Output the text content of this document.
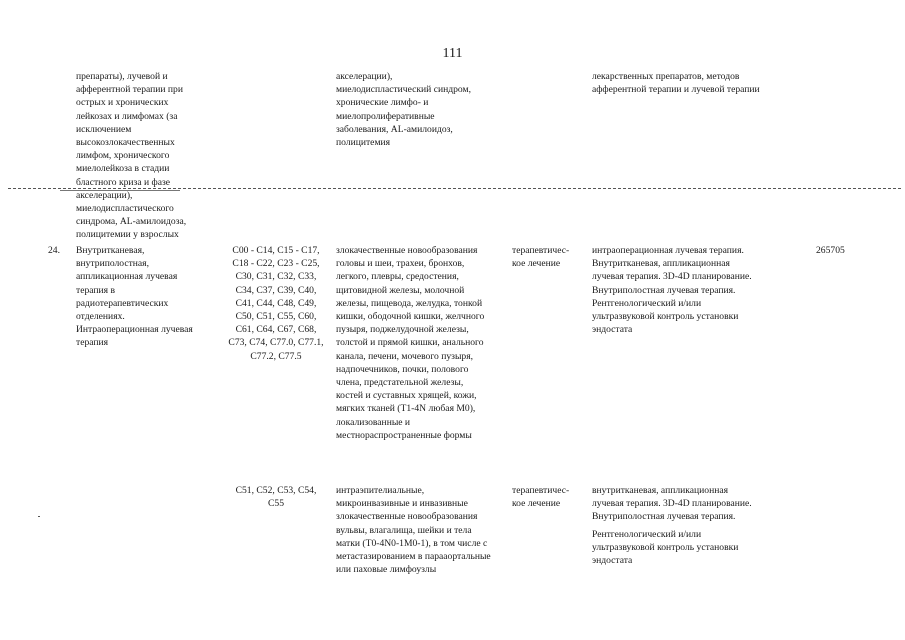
111
препараты), лучевой и
афферентной терапии при
острых и хронических
лейкозах и лимфомах (за
исключением
высокозлокачественных
лимфом, хронического
миелолейкоза в стадии
бластного криза и фазе
акселерации),
миелодиспластического
синдрома, AL-амилоидоза,
полицитемии у взрослых
акселерации),
миелодиспластический синдром,
хронические лимфо- и
миелопролиферативные
заболевания, AL-амилоидоз,
полицитемия
лекарственных препаратов, методов
афферентной терапии и лучевой терапии
24.	Внутритканевая,
внутриполостная,
аппликационная лучевая
терапия в
радиотерапевтических
отделениях.
Интраоперационная лучевая
терапия
C00 - C14, C15 - C17,
C18 - C22, C23 - C25,
C30, C31, C32, C33,
C34, C37, C39, C40,
C41, C44, C48, C49,
C50, C51, C55, C60,
C61, C64, C67, C68,
C73, C74, C77.0, C77.1,
C77.2, C77.5
злокачественные новообразования
головы и шеи, трахеи, бронхов,
легкого, плевры, средостения,
щитовидной железы, молочной
железы, пищевода, желудка, тонкой
кишки, ободочной кишки, желчного
пузыря, поджелудочной железы,
толстой и прямой кишки, анального
канала, печени, мочевого пузыря,
надпочечников, почки, полового
члена, предстательной железы,
костей и суставных хрящей, кожи,
мягких тканей (T1-4N любая M0),
локализованные и
местнораспространенные формы
терапевтичес-
кое лечение
интраоперационная лучевая терапия.
Внутритканевая, аппликационная
лучевая терапия. 3D-4D планирование.
Внутриполостная лучевая терапия.
Рентгенологический и/или
ультразвуковой контроль установки
эндостата
265705
C51, C52, C53, C54,
C55
интраэпителиальные,
микроинвазивные и инвазивные
злокачественные новообразования
вульвы, влагалища, шейки и тела
матки (T0-4N0-1M0-1), в том числе с
метастазированием в парааортальные
или паховые лимфоузлы
терапевтичес-
кое лечение
внутритканевая, аппликационная
лучевая терапия. 3D-4D планирование.
Внутриполостная лучевая терапия.
Рентгенологический и/или
ультразвуковой контроль установки
эндостата
